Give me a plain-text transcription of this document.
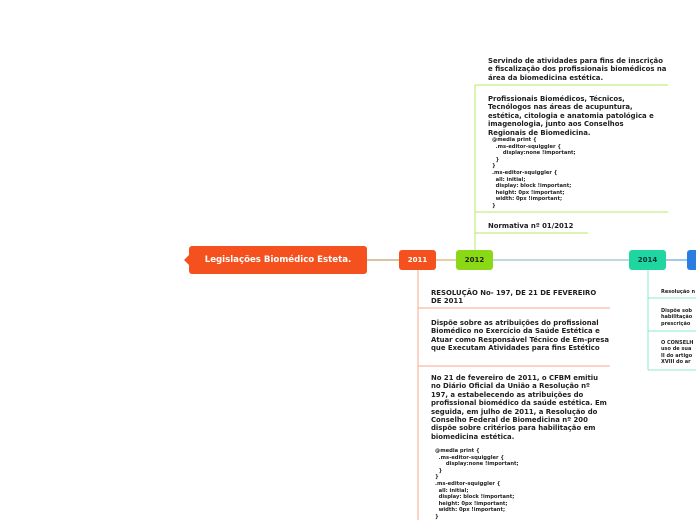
Legislações Biomédico Esteta.	2011	2012	2014
Servindo de atividades para fins de inscrição e fiscalização dos profissionais biomédicos na área da biomedicina estética.
Profissionais Biomédicos, Técnicos, Tecnólogos nas áreas de acupuntura, estética, citologia e anatomia patológica e imagenologia, junto aos Conselhos Regionais de Biomedicina.
@media print {
.ms-editor-squiggler {
display:none !important;
}
}
.ms-editor-squiggler {
all: initial;
display: block !important;
height: 0px !important;
width: 0px !important;
}
Normativa nº 01/2012
RESOLUÇÃO No- 197, DE 21 DE FEVEREIRO DE 2011
Dispõe sobre as atribuições do profissional Biomédico no Exercício da Saúde Estética e Atuar como Responsável Técnico de Em-presa que Executam Atividades para fins Estético
No 21 de fevereiro de 2011, o CFBM emitiu no Diário Oficial da União a Resolução nº 197, a estabelecendo as atribuições do profissional biomédico da saúde estética. Em seguida, em julho de 2011, a Resolução do Conselho Federal de Biomedicina nº 200 dispõe sobre critérios para habilitação em biomedicina estética.
@media print {
.ms-editor-squiggler {
display:none !important;
}
}
.ms-editor-squiggler {
all: initial;
display: block !important;
height: 0px !important;
width: 0px !important;
}
Resolução n
Dispõe sob
habilitação
prescrição
O CONSELH
uso de sua
II do artigo
XVIII do ar
